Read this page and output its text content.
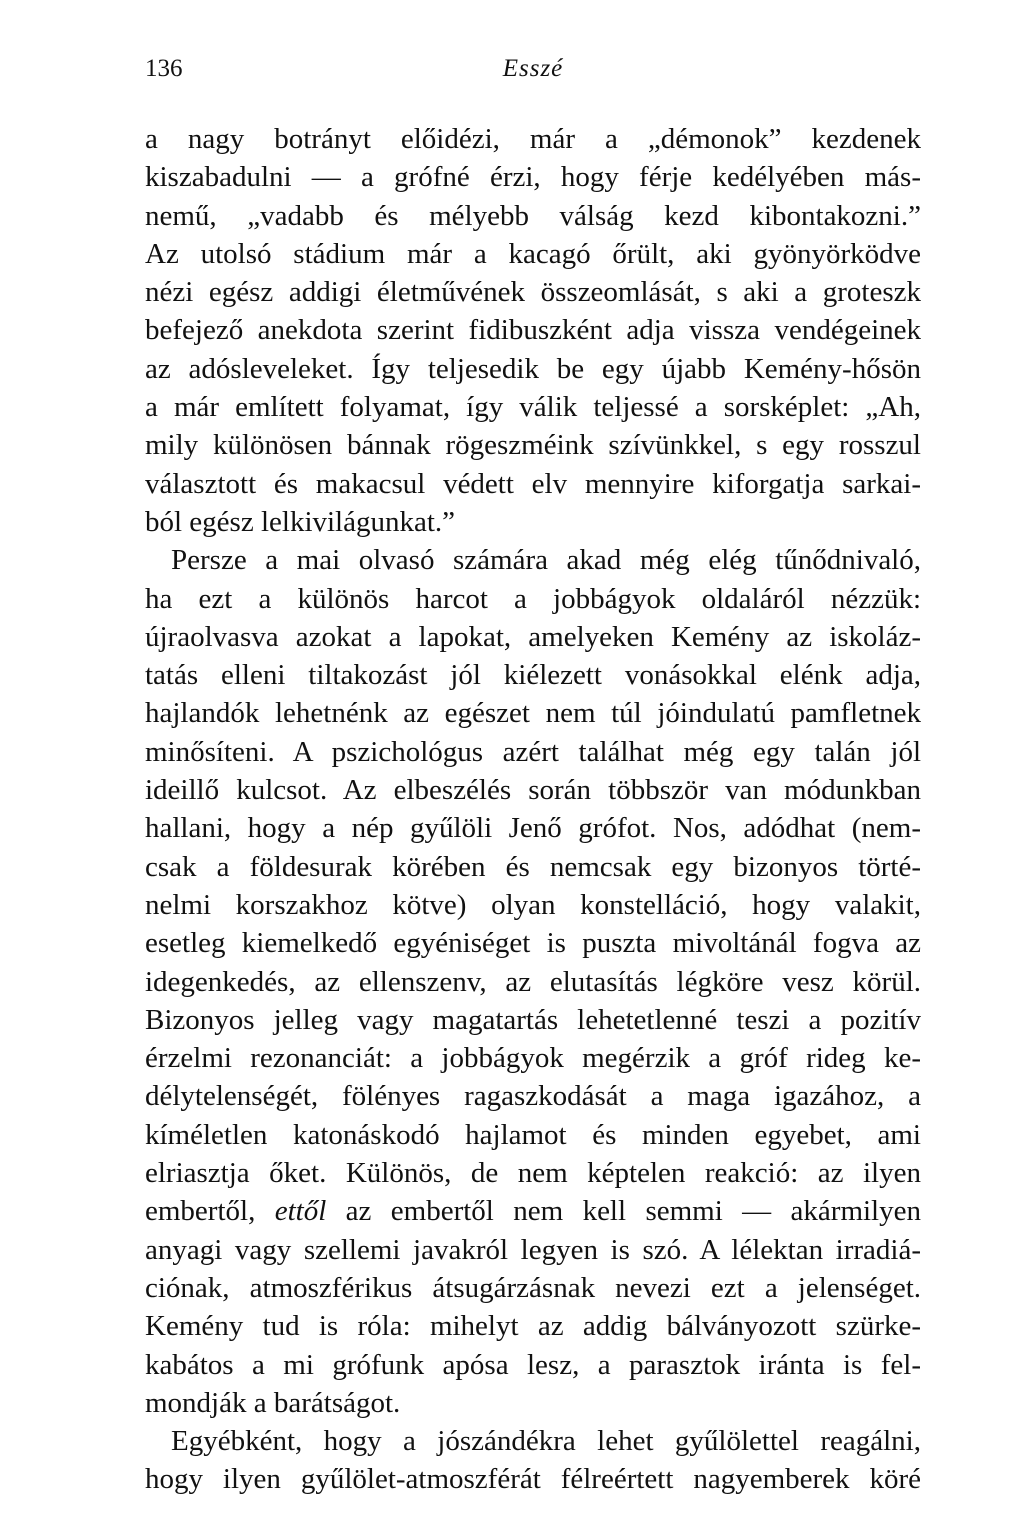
136	Esszé
a nagy botrányt előidézi, már a „démonok” kezdenek
kiszabadulni — a grófné érzi, hogy férje kedélyében más-
nemű, „vadabb és mélyebb válság kezd kibontakozni.”
Az utolsó stádium már a kacagó őrült, aki gyönyörködve
nézi egész addigi életművének összeomlását, s aki a groteszk
befejező anekdota szerint fidibuszként adja vissza vendégeinek
az adósleveleket. Így teljesedik be egy újabb Kemény-hősön
a már említett folyamat, így válik teljessé a sorsképlet: „Ah,
mily különösen bánnak rögeszméink szívünkkel, s egy rosszul
választott és makacsul védett elv mennyire kiforgatja sarkai-
ból egész lelkivilágunkat.”
Persze a mai olvasó számára akad még elég tűnődnivaló,
ha ezt a különös harcot a jobbágyok oldaláról nézzük:
újraolvasva azokat a lapokat, amelyeken Kemény az iskoláz-
tatás elleni tiltakozást jól kiélezett vonásokkal elénk adja,
hajlandók lehetnénk az egészet nem túl jóindulatú pamfletnek
minősíteni. A pszichológus azért találhat még egy talán jól
ideillő kulcsot. Az elbeszélés során többször van módunkban
hallani, hogy a nép gyűlöli Jenő grófot. Nos, adódhat (nem-
csak a földesurak körében és nemcsak egy bizonyos törté-
nelmi korszakhoz kötve) olyan konstelláció, hogy valakit,
esetleg kiemelkedő egyéniséget is puszta mivoltánál fogva az
idegenkedés, az ellenszenv, az elutasítás légköre vesz körül.
Bizonyos jelleg vagy magatartás lehetetlenné teszi a pozitív
érzelmi rezonanciát: a jobbágyok megérzik a gróf rideg ke-
délytelenségét, fölényes ragaszkodását a maga igazához, a
kíméletlen katonáskodó hajlamot és minden egyebet, ami
elriasztja őket. Különös, de nem képtelen reakció: az ilyen
embertől, ettől az embertől nem kell semmi — akármilyen
anyagi vagy szellemi javakról legyen is szó. A lélektan irradiá-
ciónak, atmoszférikus átsugárzásnak nevezi ezt a jelenséget.
Kemény tud is róla: mihelyt az addig bálványozott szürke-
kabátos a mi grófunk apósa lesz, a parasztok iránta is fel-
mondják a barátságot.
Egyébként, hogy a jószándékra lehet gyűlölettel reagálni,
hogy ilyen gyűlölet-atmoszférát félreértett nagyemberek köré
